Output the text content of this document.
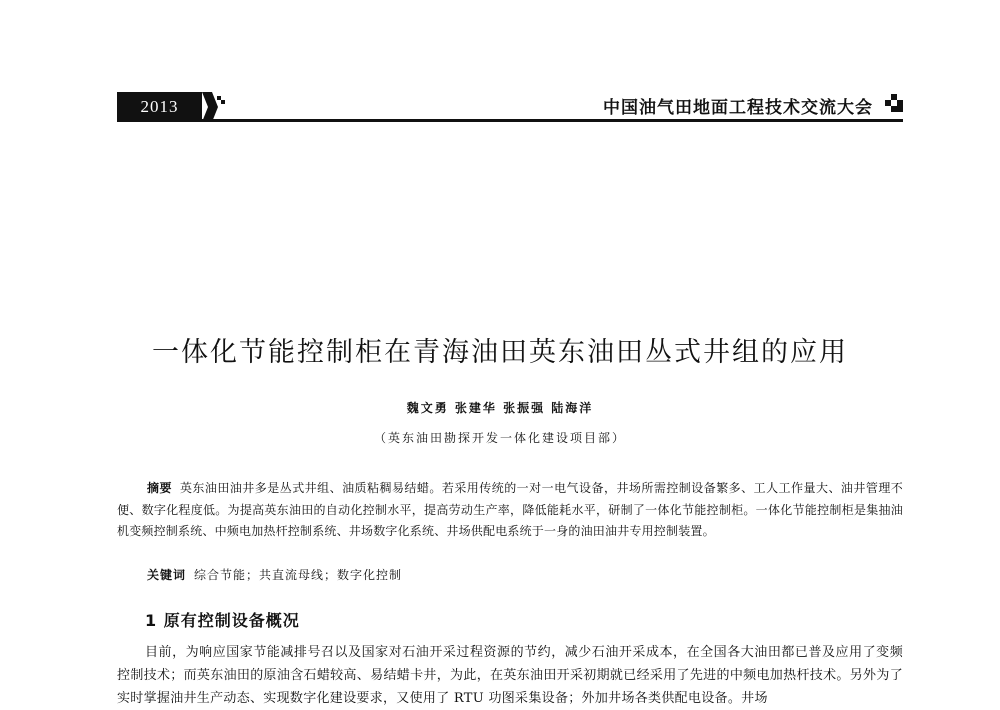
2013	中国油气田地面工程技术交流大会
一体化节能控制柜在青海油田英东油田丛式井组的应用
魏文勇 张建华 张振强 陆海洋
（英东油田勘探开发一体化建设项目部）
摘要 英东油田油井多是丛式井组、油质粘稠易结蜡。若采用传统的一对一电气设备，井场所需控制设备繁多、工人工作量大、油井管理不便、数字化程度低。为提高英东油田的自动化控制水平，提高劳动生产率，降低能耗水平，研制了一体化节能控制柜。一体化节能控制柜是集抽油机变频控制系统、中频电加热杆控制系统、井场数字化系统、井场供配电系统于一身的油田油井专用控制装置。
关键词 综合节能；共直流母线；数字化控制
1 原有控制设备概况
目前，为响应国家节能减排号召以及国家对石油开采过程资源的节约，减少石油开采成本，在全国各大油田都已普及应用了变频控制技术；而英东油田的原油含石蜡较高、易结蜡卡井，为此，在英东油田开采初期就已经采用了先进的中频电加热杆技术。另外为了实时掌握油井生产动态、实现数字化建设要求，又使用了 RTU 功图采集设备；外加井场各类供配电设备。井场
